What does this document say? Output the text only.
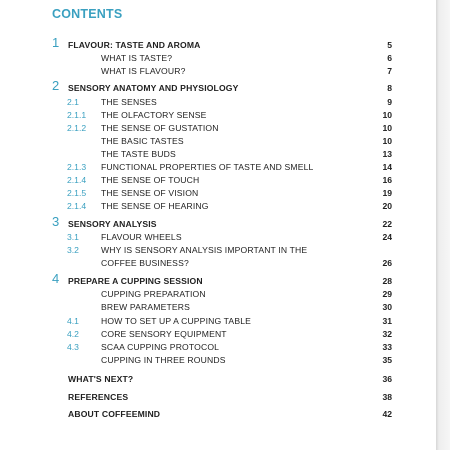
CONTENTS
1 FLAVOUR: TASTE AND AROMA	5
WHAT IS TASTE?	6
WHAT IS FLAVOUR?	7
2 SENSORY ANATOMY AND PHYSIOLOGY	8
2.1	THE SENSES	9
2.1.1 THE OLFACTORY SENSE	10
2.1.2 THE SENSE OF GUSTATION	10
THE BASIC TASTES	10
THE TASTE BUDS	13
2.1.3 FUNCTIONAL PROPERTIES OF TASTE AND SMELL	14
2.1.4 THE SENSE OF TOUCH	16
2.1.5 THE SENSE OF VISION	19
2.1.4 THE SENSE OF HEARING	20
3 SENSORY ANALYSIS	22
3.1	FLAVOUR WHEELS	24
3.2	WHY IS SENSORY ANALYSIS IMPORTANT IN THE
COFFEE BUSINESS?	26
4 PREPARE A CUPPING SESSION	28
CUPPING PREPARATION	29
BREW PARAMETERS	30
4.1	HOW TO SET UP A CUPPING TABLE	31
4.2	CORE SENSORY EQUIPMENT	32
4.3	SCAA CUPPING PROTOCOL	33
CUPPING IN THREE ROUNDS	35
WHAT'S NEXT?	36
REFERENCES	38
ABOUT COFFEEMIND	42
